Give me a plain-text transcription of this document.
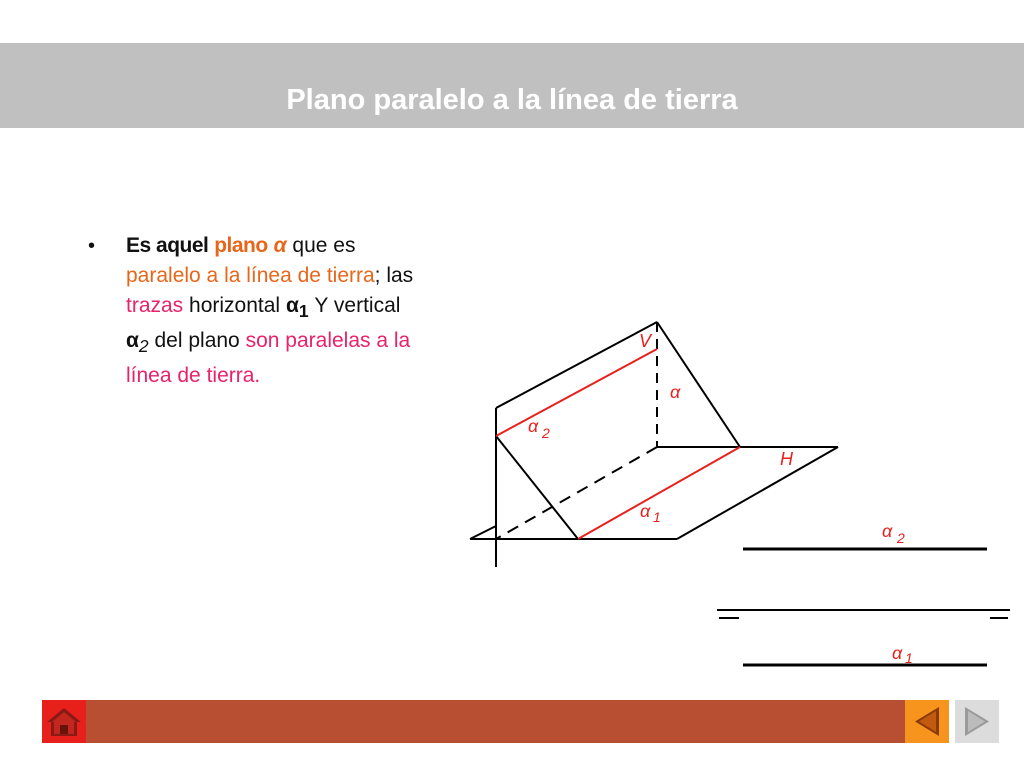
Plano paralelo a la línea de tierra
• Es aquel plano α que es paralelo a la línea de tierra; las trazas horizontal $\alpha_1$ Y vertical $\alpha_2$ del plano son paralelas a la línea de tierra.
V
α
H
α 2
α 1
α 2
α 1
